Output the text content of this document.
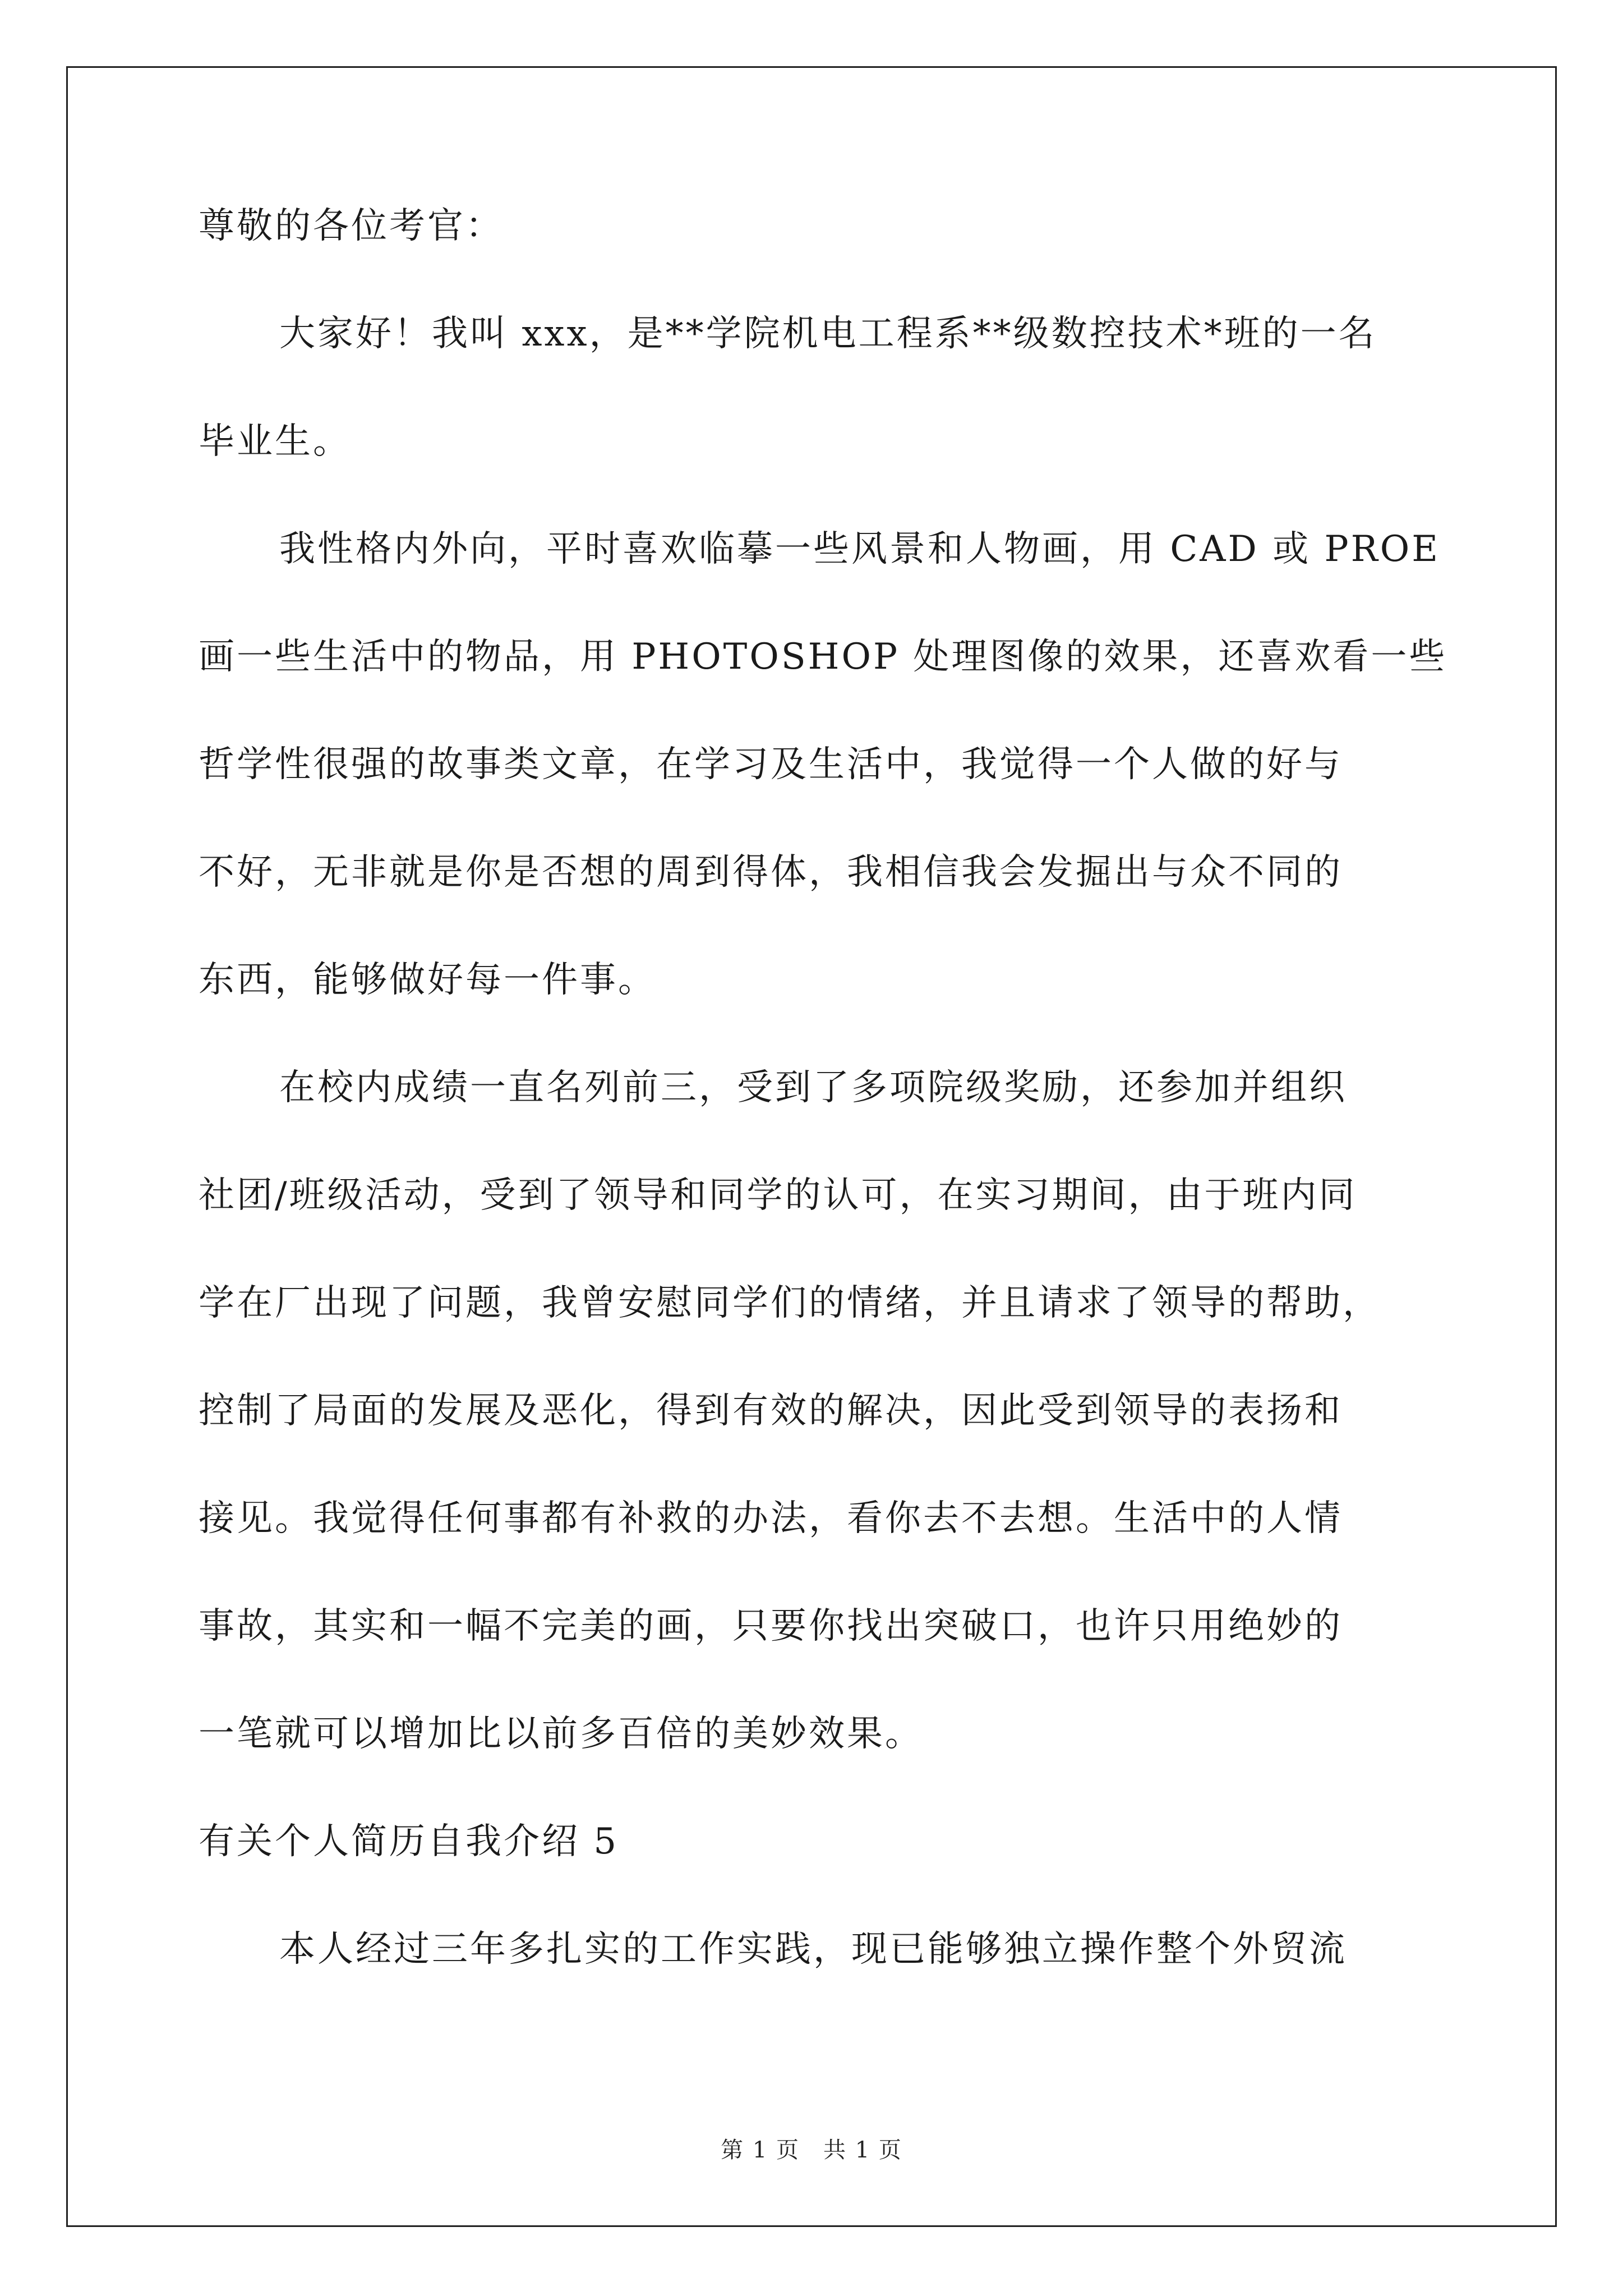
尊敬的各位考官：
大家好！我叫 xxx，是**学院机电工程系**级数控技术*班的一名
毕业生。
我性格内外向，平时喜欢临摹一些风景和人物画，用 CAD 或 PROE
画一些生活中的物品，用 PHOTOSHOP 处理图像的效果，还喜欢看一些
哲学性很强的故事类文章，在学习及生活中，我觉得一个人做的好与
不好，无非就是你是否想的周到得体，我相信我会发掘出与众不同的
东西，能够做好每一件事。
在校内成绩一直名列前三，受到了多项院级奖励，还参加并组织
社团/班级活动，受到了领导和同学的认可，在实习期间，由于班内同
学在厂出现了问题，我曾安慰同学们的情绪，并且请求了领导的帮助，
控制了局面的发展及恶化，得到有效的解决，因此受到领导的表扬和
接见。我觉得任何事都有补救的办法，看你去不去想。生活中的人情
事故，其实和一幅不完美的画，只要你找出突破口，也许只用绝妙的
一笔就可以增加比以前多百倍的美妙效果。
有关个人简历自我介绍 5
本人经过三年多扎实的工作实践，现已能够独立操作整个外贸流
第 1 页　共 1 页
